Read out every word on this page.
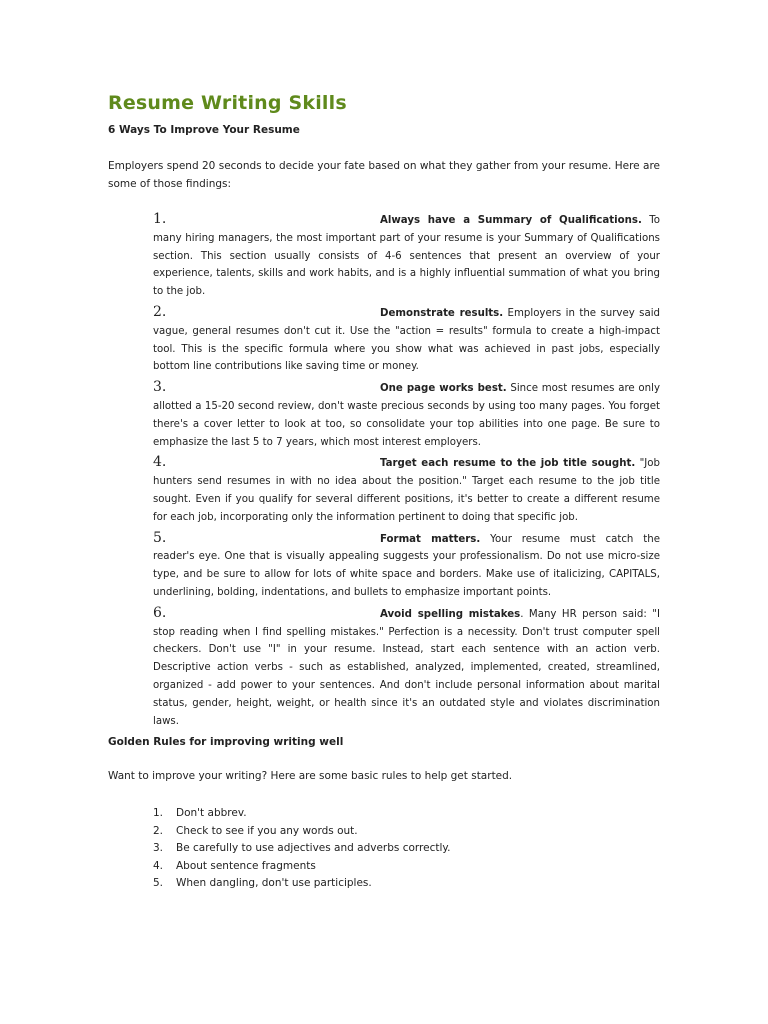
Resume Writing Skills

6 Ways To Improve Your Resume

Employers spend 20 seconds to decide your fate based on what they gather from your resume. Here are some of those findings:

1.	Always have a Summary of Qualifications. To many hiring managers, the most important part of your resume is your Summary of Qualifications section. This section usually consists of 4-6 sentences that present an overview of your experience, talents, skills and work habits, and is a highly influential summation of what you bring to the job.
2.	Demonstrate results. Employers in the survey said vague, general resumes don't cut it. Use the "action = results" formula to create a high-impact tool. This is the specific formula where you show what was achieved in past jobs, especially bottom line contributions like saving time or money.
3.	One page works best. Since most resumes are only allotted a 15-20 second review, don't waste precious seconds by using too many pages. You forget there's a cover letter to look at too, so consolidate your top abilities into one page. Be sure to emphasize the last 5 to 7 years, which most interest employers.
4.	Target each resume to the job title sought. "Job hunters send resumes in with no idea about the position." Target each resume to the job title sought. Even if you qualify for several different positions, it's better to create a different resume for each job, incorporating only the information pertinent to doing that specific job.
5.	Format matters. Your resume must catch the reader's eye. One that is visually appealing suggests your professionalism. Do not use micro-size type, and be sure to allow for lots of white space and borders. Make use of italicizing, CAPITALS, underlining, bolding, indentations, and bullets to emphasize important points.
6.	Avoid spelling mistakes. Many HR person said: "I stop reading when I find spelling mistakes." Perfection is a necessity. Don't trust computer spell checkers. Don't use "I" in your resume. Instead, start each sentence with an action verb. Descriptive action verbs - such as established, analyzed, implemented, created, streamlined, organized - add power to your sentences. And don't include personal information about marital status, gender, height, weight, or health since it's an outdated style and violates discrimination laws.

Golden Rules for improving writing well

Want to improve your writing? Here are some basic rules to help get started.

1.	Don't abbrev.
2.	Check to see if you any words out.
3.	Be carefully to use adjectives and adverbs correctly.
4.	About sentence fragments
5.	When dangling, don't use participles.
